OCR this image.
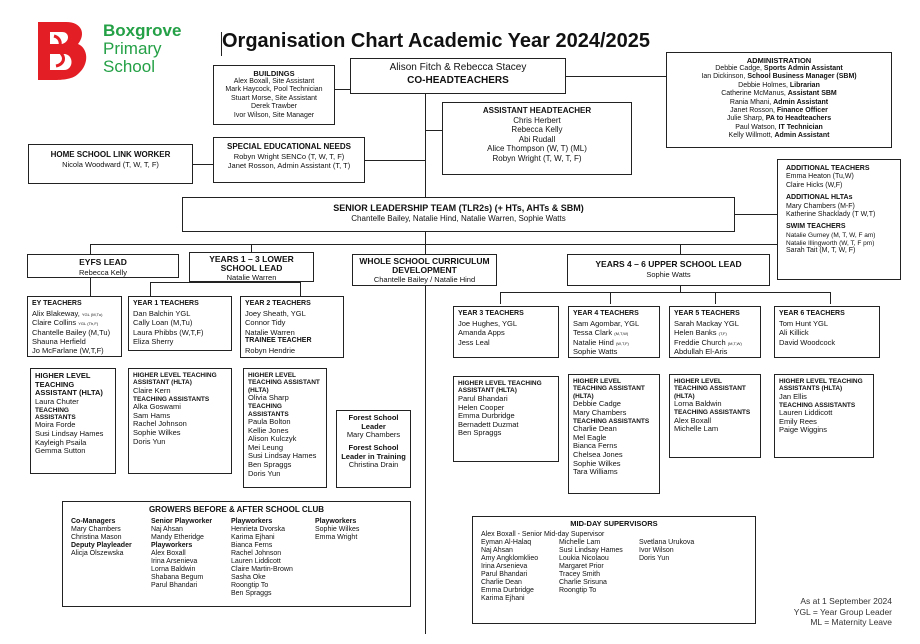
Boxgrove
Primary
School
Organisation Chart Academic Year 2024/2025
Alison Fitch & Rebecca Stacey
CO-HEADTEACHERS
BUILDINGS
Alex Boxall, Site Assistant
Mark Haycock, Pool Technician
Stuart Morse, Site Assistant
Derek Trawber
Ivor Wilson, Site Manager
ADMINISTRATION
Debbie Cadge, Sports Admin Assistant
Ian Dickinson, School Business Manager (SBM)
Debbie Holmes, Librarian
Catherine McManus, Assistant SBM
Rania Mhani, Admin Assistant
Janet Rosson, Finance Officer
Julie Sharp, PA to Headteachers
Paul Watson, IT Technician
Kelly Willmott, Admin Assistant
ASSISTANT HEADTEACHER
Chris Herbert
Rebecca Kelly
Abi Rudall
Alice Thompson (W, T) (ML)
Robyn Wright (T, W, T, F)
HOME SCHOOL LINK WORKER
Nicola Woodward (T, W, T, F)
SPECIAL EDUCATIONAL NEEDS
Robyn Wright SENCo (T, W, T, F)
Janet Rosson, Admin Assistant (T, T)	ADDITIONAL TEACHERS
Emma Heaton (Tu,W)
Claire Hicks (W,F)
ADDITIONAL HLTAs
Mary Chambers (M-F)
Katherine Shacklady (T W,T)
SWIM TEACHERS
Natalie Gurney (M, T, W, F am)
Natalie Illingworth (W, T, F pm)
Sarah Tait (M, T, W, F)
SENIOR LEADERSHIP TEAM (TLR2s) (+ HTs, AHTs & SBM)
Chantelle Bailey, Natalie Hind, Natalie Warren, Sophie Watts
EYFS LEAD
Rebecca Kelly
YEARS 1 – 3 LOWER SCHOOL LEAD
Natalie Warren
WHOLE SCHOOL CURRICULUM DEVELOPMENT
Chantelle Bailey / Natalie Hind
YEARS 4 – 6 UPPER SCHOOL LEAD
Sophie Watts
EY TEACHERS
Alix Blakeway, YGL (M,Tu)
Claire Collins YGL (Th,F)
Chantelle Bailey (M,Tu)
Shauna Herfield
Jo McFarlane (W,T,F)
YEAR 1 TEACHERS
Dan Balchin YGL
Cally Loan (M,Tu)
Laura Phibbs (W,T,F)
Eliza Sherry
YEAR 2 TEACHERS
Joey Sheath, YGL
Connor Tidy
Natalie Warren
TRAINEE TEACHER
Robyn Hendrie
YEAR 3 TEACHERS
Joe Hughes, YGL
Amanda Apps
Jess Leal
YEAR 4 TEACHERS
Sam Agombar, YGL
Tessa Clark (M,T,W)
Natalie Hind (W,T,F)
Sophie Watts
YEAR 5 TEACHERS
Sarah Mackay YGL
Helen Banks (T,F)
Freddie Church (M,T,W)
Abdullah El-Aris
YEAR 6 TEACHERS
Tom Hunt YGL
Ali Killick
David Woodcock
HIGHER LEVEL TEACHING ASSISTANT (HLTA)
Laura Chuter
TEACHING ASSISTANTS
Moira Forde
Susi Lindsay Hames
Kayleigh Psaila
Gemma Sutton
HIGHER LEVEL TEACHING ASSISTANT (HLTA)
Claire Kern
TEACHING ASSISTANTS
Alka Goswami
Sam Hams
Rachel Johnson
Sophie Wilkes
Doris Yun
HIGHER LEVEL TEACHING ASSISTANT (HLTA)
Olivia Sharp
TEACHING ASSISTANTS
Paula Bolton
Kellie Jones
Alison Kulczyk
Mei Leung
Susi Lindsay Hames
Ben Spraggs
Doris Yun
Forest School Leader
Mary Chambers
Forest School Leader in Training
Christina Drain
HIGHER LEVEL TEACHING ASSISTANT (HLTA)
Parul Bhandari
Helen Cooper
Emma Durbridge
Bernadett Duzmat
Ben Spraggs
HIGHER LEVEL TEACHING ASSISTANT (HLTA)
Debbie Cadge
Mary Chambers
TEACHING ASSISTANTS
Charlie Dean
Mel Eagle
Bianca Ferns
Chelsea Jones
Sophie Wilkes
Tara Williams
HIGHER LEVEL TEACHING ASSISTANT (HLTA)
Lorna Baldwin
TEACHING ASSISTANTS
Alex Boxall
Michelle Lam
HIGHER LEVEL TEACHING ASSISTANTS (HLTA)
Jan Ellis
TEACHING ASSISTANTS
Lauren Liddicott
Emily Rees
Paige Wiggins
GROWERS BEFORE & AFTER SCHOOL CLUB
Co-Managers
Mary Chambers
Christina Mason
Deputy Playleader
Alicja Olszewska
Senior Playworker
Naj Ahsan
Mandy Etheridge
Playworkers
Alex Boxall
Irina Arsenieva
Lorna Baldwin
Shabana Begum
Parul Bhandari
Playworkers
Henrieta Dvorska
Karima Ejhani
Bianca Ferns
Rachel Johnson
Lauren Liddicott
Claire Martin-Brown
Sasha Oke
Roongtip To
Ben Spraggs
Playworkers
Sophie Wilkes
Emma Wright
MID-DAY SUPERVISORS
Alex Boxall - Senior Mid-day Supervisor
Eyman Al-Halaq
Naj Ahsan
Amy Angklomklieo
Irina Arsenieva
Parul Bhandari
Charlie Dean
Emma Durbridge
Karima Ejhani
Michelle Lam
Susi Lindsay Hames
Loukia Nicolaou
Margaret Prior
Tracey Smith
Charlie Srisuna
Roongtip To
Svetlana Urukova
Ivor Wilson
Doris Yun
As at 1 September 2024
YGL = Year Group Leader
ML = Maternity Leave
